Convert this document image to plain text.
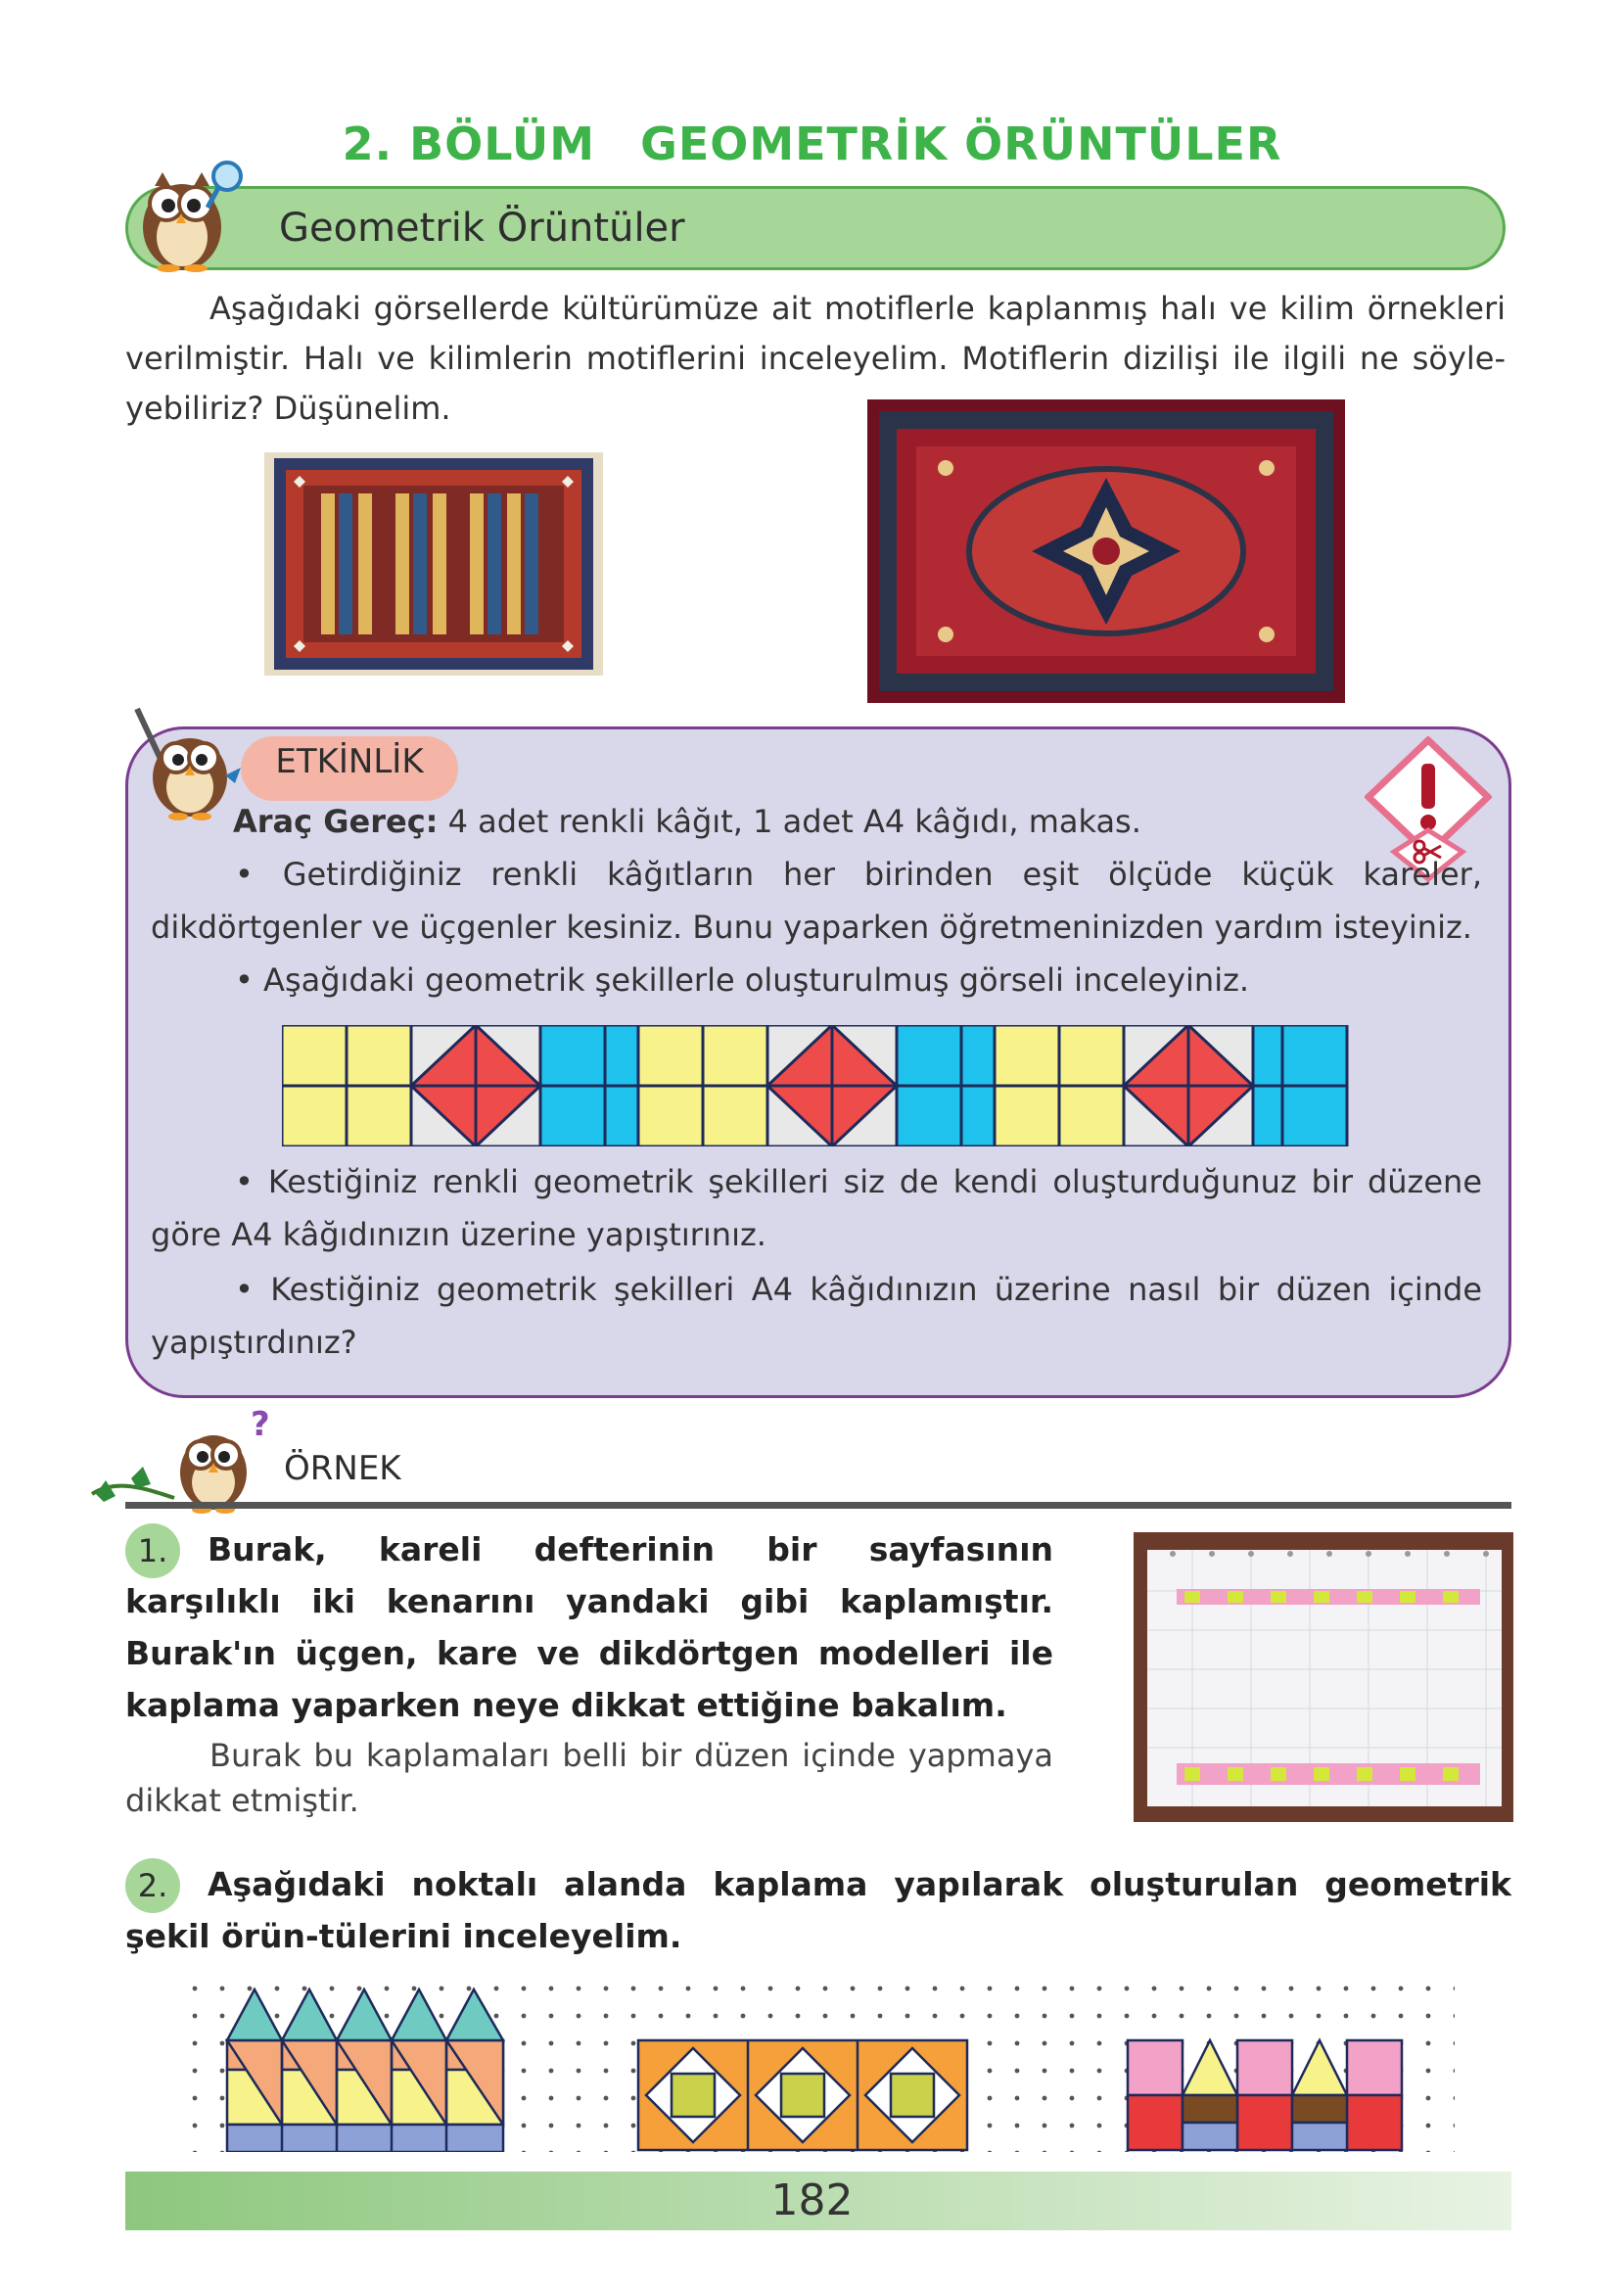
2. BÖLÜM GEOMETRİK ÖRÜNTÜLER
Geometrik Örüntüler
Aşağıdaki görsellerde kültürümüze ait motiflerle kaplanmış halı ve kilim örnekleri verilmiştir. Halı ve kilimlerin motiflerini inceleyelim. Motiflerin dizilişi ile ilgili ne söyle-yebiliriz? Düşünelim.
ETKİNLİK
Araç Gereç: 4 adet renkli kâğıt, 1 adet A4 kâğıdı, makas.
• Getirdiğiniz renkli kâğıtların her birinden eşit ölçüde küçük kareler, dikdörtgenler ve üçgenler kesiniz. Bunu yaparken öğretmeninizden yardım isteyiniz.
• Aşağıdaki geometrik şekillerle oluşturulmuş görseli inceleyiniz.
• Kestiğiniz renkli geometrik şekilleri siz de kendi oluşturduğunuz bir düzene göre A4 kâğıdınızın üzerine yapıştırınız.
• Kestiğiniz geometrik şekilleri A4 kâğıdınızın üzerine nasıl bir düzen içinde yapıştırdınız?
?
ÖRNEK
1.	Burak, kareli defterinin bir sayfasının karşılıklı iki kenarını yandaki gibi kaplamıştır. Burak'ın üçgen, kare ve dikdörtgen modelleri ile kaplama yaparken neye dikkat ettiğine bakalım.
Burak bu kaplamaları belli bir düzen içinde yapmaya dikkat etmiştir.
2.	Aşağıdaki noktalı alanda kaplama yapılarak oluşturulan geometrik şekil örün-tülerini inceleyelim.
182
